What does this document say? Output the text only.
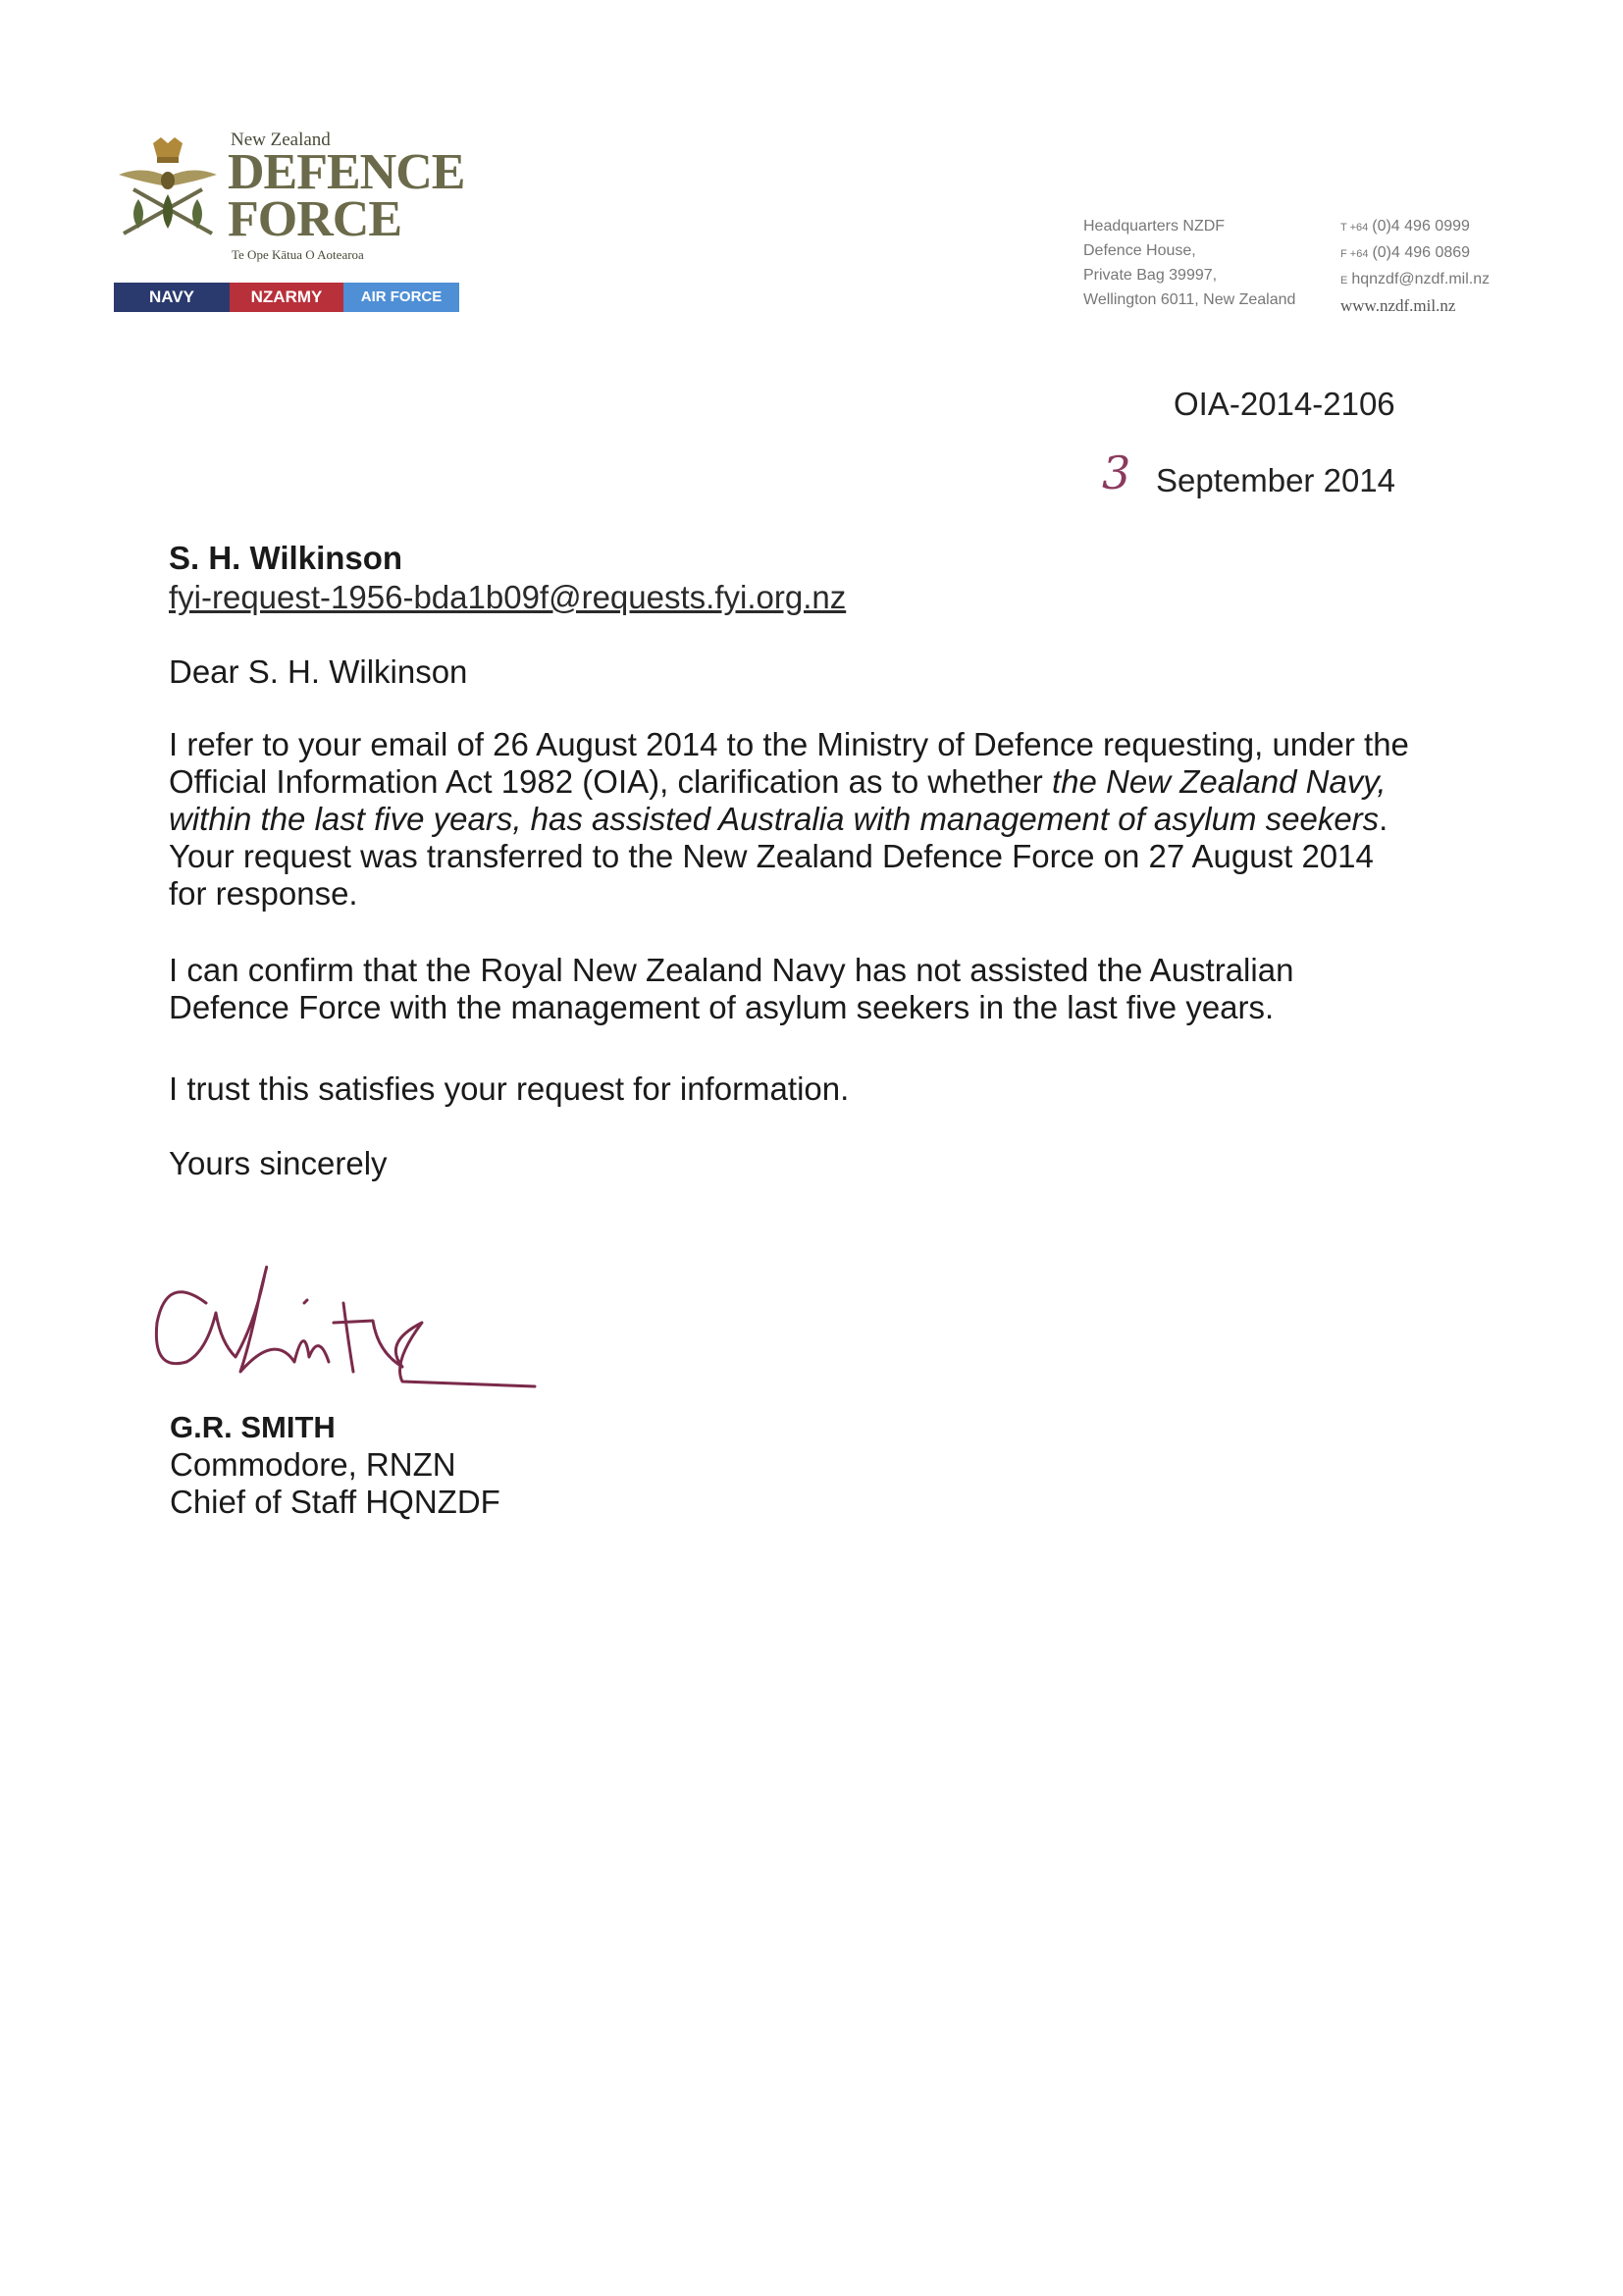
New Zealand
DEFENCE
FORCE
Te Ope Kātua O Aotearoa
NAVY	NZARMY	AIR FORCE
Headquarters NZDF
Defence House,
Private Bag 39997,
Wellington 6011, New Zealand
T +64 (0)4 496 0999
F +64 (0)4 496 0869
E hqnzdf@nzdf.mil.nz
www.nzdf.mil.nz
OIA-2014-2106
3 September 2014
S. H. Wilkinson
fyi-request-1956-bda1b09f@requests.fyi.org.nz
Dear S. H. Wilkinson
I refer to your email of 26 August 2014 to the Ministry of Defence requesting, under the Official Information Act 1982 (OIA), clarification as to whether the New Zealand Navy, within the last five years, has assisted Australia with management of asylum seekers. Your request was transferred to the New Zealand Defence Force on 27 August 2014 for response.
I can confirm that the Royal New Zealand Navy has not assisted the Australian Defence Force with the management of asylum seekers in the last five years.
I trust this satisfies your request for information.
Yours sincerely
G.R. SMITH
Commodore, RNZN
Chief of Staff HQNZDF
